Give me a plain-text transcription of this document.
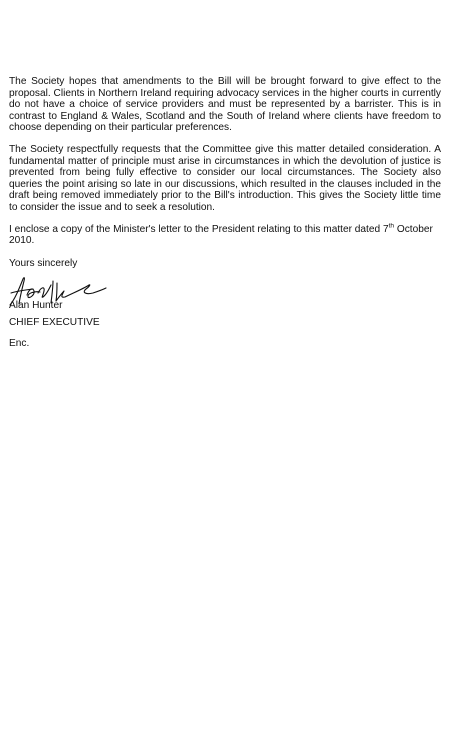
The Society hopes that amendments to the Bill will be brought forward to give effect to the proposal. Clients in Northern Ireland requiring advocacy services in the higher courts in currently do not have a choice of service providers and must be represented by a barrister. This is in contrast to England & Wales, Scotland and the South of Ireland where clients have freedom to choose depending on their particular preferences.

The Society respectfully requests that the Committee give this matter detailed consideration. A fundamental matter of principle must arise in circumstances in which the devolution of justice is prevented from being fully effective to consider our local circumstances. The Society also queries the point arising so late in our discussions, which resulted in the clauses included in the draft being removed immediately prior to the Bill's introduction. This gives the Society little time to consider the issue and to seek a resolution.

I enclose a copy of the Minister's letter to the President relating to this matter dated 7th October 2010.

Yours sincerely

Alan Hunter
CHIEF EXECUTIVE
Enc.
